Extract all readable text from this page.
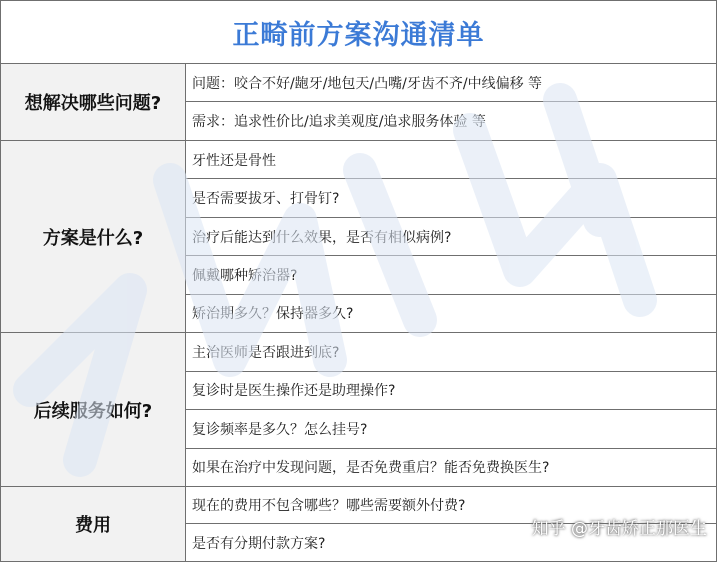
正畸前方案沟通清单
想解决哪些问题?	问题：咬合不好/龅牙/地包天/凸嘴/牙齿不齐/中线偏移 等
	需求：追求性价比/追求美观度/追求服务体验 等
方案是什么?	牙性还是骨性
	是否需要拔牙、打骨钉?
	治疗后能达到什么效果，是否有相似病例?
	佩戴哪种矫治器?
	矫治期多久？保持器多久?
后续服务如何?	主治医师是否跟进到底?
	复诊时是医生操作还是助理操作?
	复诊频率是多久？怎么挂号?
	如果在治疗中发现问题，是否免费重启？能否免费换医生?
费用	现在的费用不包含哪些？哪些需要额外付费?
	是否有分期付款方案?
知乎 @牙齿矫正那医生
